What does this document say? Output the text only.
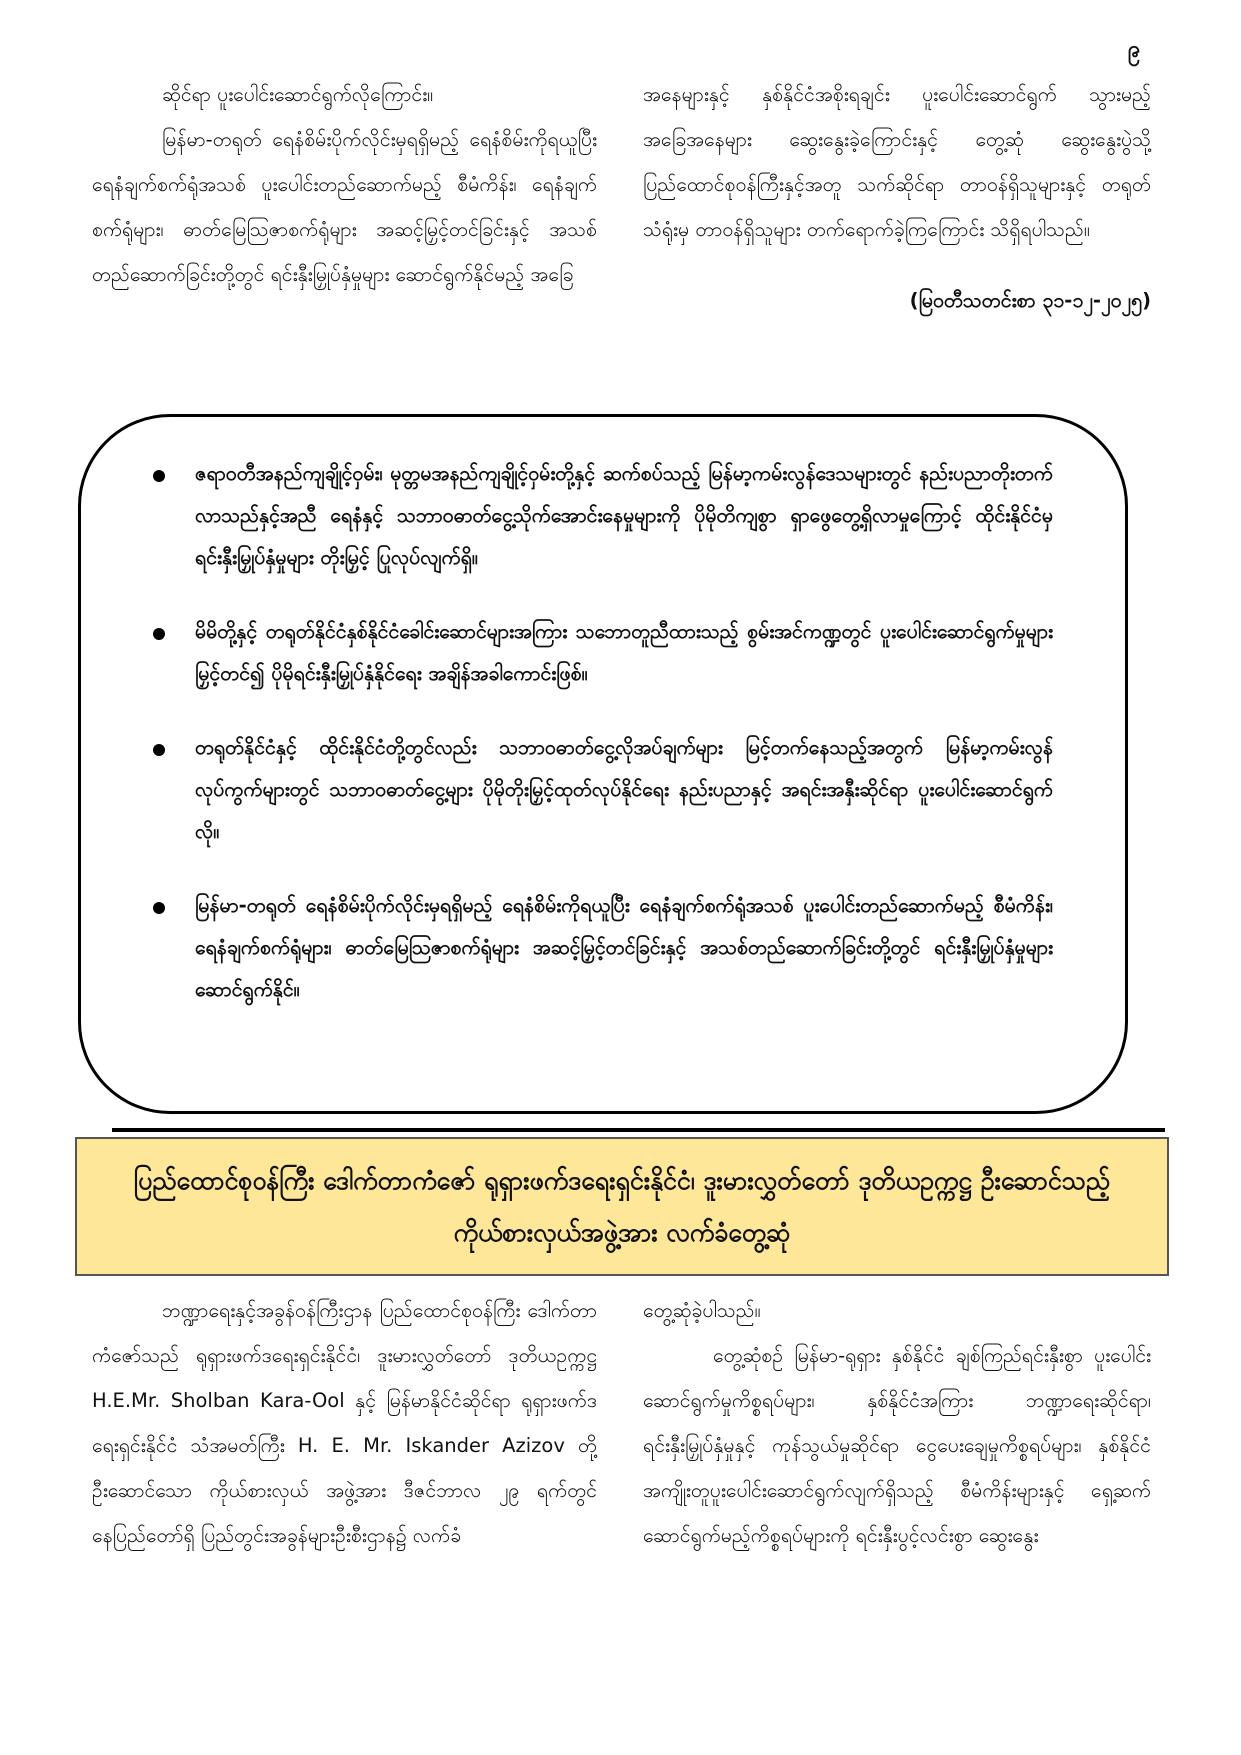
၉

ဆိုင်ရာ ပူးပေါင်းဆောင်ရွက်လိုကြောင်း။

မြန်မာ-တရုတ် ရေနံစိမ်းပိုက်လိုင်းမှရရှိမည့် ရေနံစိမ်းကိုရယူပြီး ရေနံချက်စက်ရုံအသစ် ပူးပေါင်းတည်ဆောက်မည့် စီမံကိန်း၊ ရေနံချက်စက်ရုံများ၊ ဓာတ်မြေဩဇာစက်ရုံများ အဆင့်မြှင့်တင်ခြင်းနှင့် အသစ်တည်ဆောက်ခြင်းတို့တွင် ရင်းနှီးမြှုပ်နှံမှုများ ဆောင်ရွက်နိုင်မည့် အခြေ

အနေများနှင့် နှစ်နိုင်ငံအစိုးရချင်း ပူးပေါင်းဆောင်ရွက် သွားမည့် အခြေအနေများ ဆွေးနွေးခဲ့ကြောင်းနှင့် တွေ့ဆုံ ဆွေးနွေးပွဲသို့ ပြည်ထောင်စုဝန်ကြီးနှင့်အတူ သက်ဆိုင်ရာ တာဝန်ရှိသူများနှင့် တရုတ်သံရုံးမှ တာဝန်ရှိသူများ တက်ရောက်ခဲ့ကြကြောင်း သိရှိရပါသည်။

(မြဝတီသတင်းစာ ၃၁-၁၂-၂၀၂၅)

ဇရာဝတီအနည်ကျချိုင့်ဝှမ်း၊ မုတ္တမအနည်ကျချိုင့်ဝှမ်းတို့နှင့် ဆက်စပ်သည့် မြန်မာ့ကမ်းလွန်ဒေသများတွင် နည်းပညာတိုးတက်လာသည်နှင့်အညီ ရေနံနှင့် သဘာဝဓာတ်ငွေ့သိုက်အောင်းနေမှုများကို ပိုမိုတိကျစွာ ရှာဖွေတွေ့ရှိလာမှုကြောင့် ထိုင်းနိုင်ငံမှ ရင်းနှီးမြှုပ်နှံမှုများ တိုးမြှင့် ပြုလုပ်လျက်ရှိ။
မိမိတို့နှင့် တရုတ်နိုင်ငံနှစ်နိုင်ငံခေါင်းဆောင်များအကြား သဘောတူညီထားသည့် စွမ်းအင်ကဏ္ဍတွင် ပူးပေါင်းဆောင်ရွက်မှုများမြှင့်တင်၍ ပိုမိုရင်းနှီးမြှုပ်နှံနိုင်ရေး အချိန်အခါကောင်းဖြစ်။
တရုတ်နိုင်ငံနှင့် ထိုင်းနိုင်ငံတို့တွင်လည်း သဘာဝဓာတ်ငွေ့လိုအပ်ချက်များ မြင့်တက်နေသည့်အတွက် မြန်မာ့ကမ်းလွန်လုပ်ကွက်များတွင် သဘာဝဓာတ်ငွေ့များ ပိုမိုတိုးမြှင့်ထုတ်လုပ်နိုင်ရေး နည်းပညာနှင့် အရင်းအနှီးဆိုင်ရာ ပူးပေါင်းဆောင်ရွက်လို။
မြန်မာ-တရုတ် ရေနံစိမ်းပိုက်လိုင်းမှရရှိမည့် ရေနံစိမ်းကိုရယူပြီး ရေနံချက်စက်ရုံအသစ် ပူးပေါင်းတည်ဆောက်မည့် စီမံကိန်း၊ ရေနံချက်စက်ရုံများ၊ ဓာတ်မြေဩဇာစက်ရုံများ အဆင့်မြှင့်တင်ခြင်းနှင့် အသစ်တည်ဆောက်ခြင်းတို့တွင် ရင်းနှီးမြှုပ်နှံမှုများ ဆောင်ရွက်နိုင်။
ပြည်ထောင်စုဝန်ကြီး ဒေါက်တာကံဇော် ရုရှားဖက်ဒရေးရှင်းနိုင်ငံ၊ ဒူးမားလွှတ်တော် ဒုတိယဥက္ကဋ္ဌ ဦးဆောင်သည့် ကိုယ်စားလှယ်အဖွဲ့အား လက်ခံတွေ့ဆုံ

ဘဏ္ဍာရေးနှင့်အခွန်ဝန်ကြီးဌာန ပြည်ထောင်စုဝန်ကြီး ဒေါက်တာကံဇော်သည် ရုရှားဖက်ဒရေးရှင်းနိုင်ငံ၊ ဒူးမားလွှတ်တော် ဒုတိယဥက္ကဋ္ဌ H.E.Mr. Sholban Kara-Ool နှင့် မြန်မာနိုင်ငံဆိုင်ရာ ရုရှားဖက်ဒရေးရှင်းနိုင်ငံ သံအမတ်ကြီး H. E. Mr. Iskander Azizov တို့ဦးဆောင်သော ကိုယ်စားလှယ် အဖွဲ့အား ဒီဇင်ဘာလ ၂၉ ရက်တွင် နေပြည်တော်ရှိ ပြည်တွင်းအခွန်များဦးစီးဌာန၌ လက်ခံ

တွေ့ဆုံခဲ့ပါသည်။

တွေ့ဆုံစဉ် မြန်မာ-ရုရှား နှစ်နိုင်ငံ ချစ်ကြည်ရင်းနှီးစွာ ပူးပေါင်းဆောင်ရွက်မှုကိစ္စရပ်များ၊ နှစ်နိုင်ငံအကြား ဘဏ္ဍာရေးဆိုင်ရာ၊ ရင်းနှီးမြှုပ်နှံမှုနှင့် ကုန်သွယ်မှုဆိုင်ရာ ငွေပေးချေမှုကိစ္စရပ်များ၊ နှစ်နိုင်ငံ အကျိုးတူပူးပေါင်းဆောင်ရွက်လျက်ရှိသည့် စီမံကိန်းများနှင့် ရှေ့ဆက်ဆောင်ရွက်မည့်ကိစ္စရပ်များကို ရင်းနှီးပွင့်လင်းစွာ ဆွေးနွေး
